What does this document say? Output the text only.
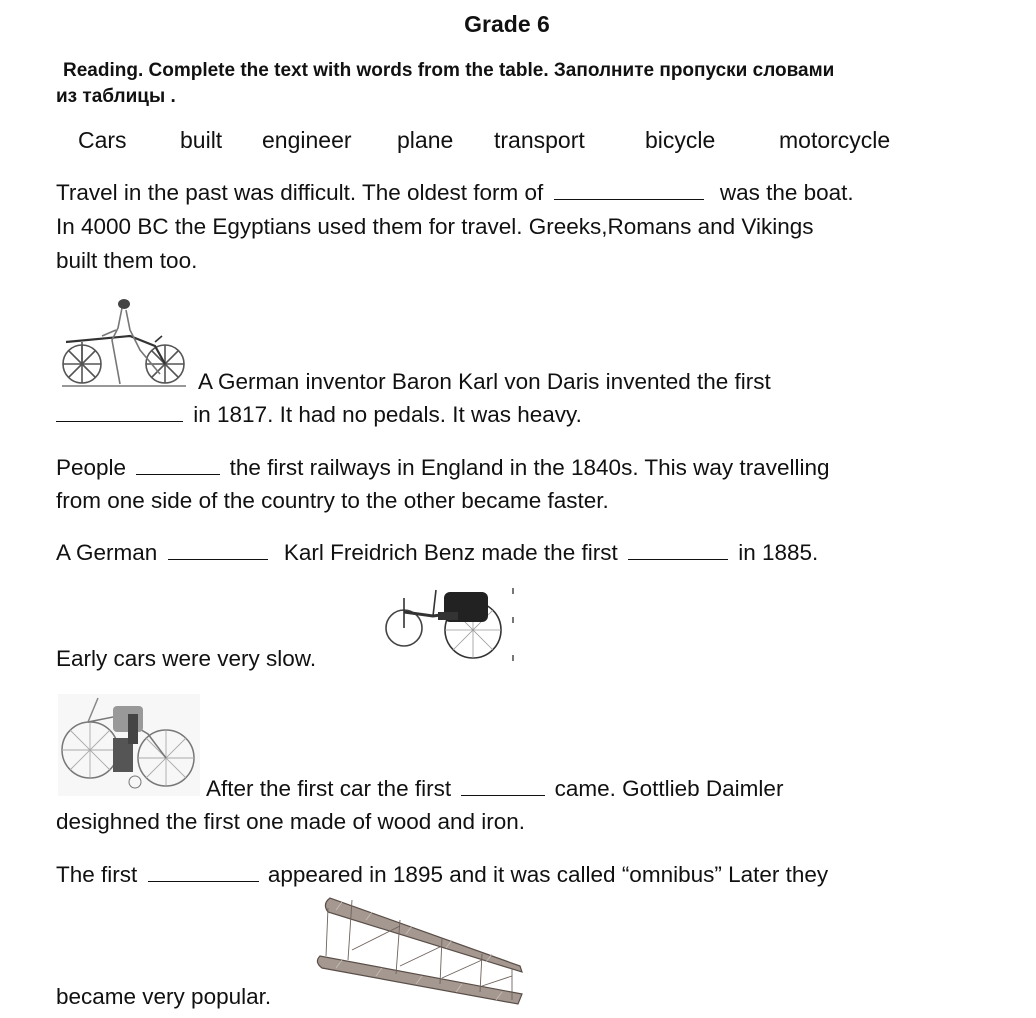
Grade 6
Reading. Complete the text with words from the table. Заполните пропуски словами
из таблицы .
Cars built engineer plane transport	bicycle	motorcycle
Travel in the past was difficult. The oldest form of	was the boat.
In 4000 BC the Egyptians used them for travel. Greeks,Romans and Vikings
built them too.
A German inventor Baron Karl von Daris invented the first
in 1817. It had no pedals. It was heavy.
People	the first railways in England in the 1840s. This way travelling
from one side of the country to the other became faster.
A German	Karl Freidrich Benz made the first	in 1885.
Early cars were very slow.
After the first car the first	came. Gottlieb Daimler
desighned the first one made of wood and iron.
The first	appeared in 1895 and it was called “omnibus” Later they
became very popular.
